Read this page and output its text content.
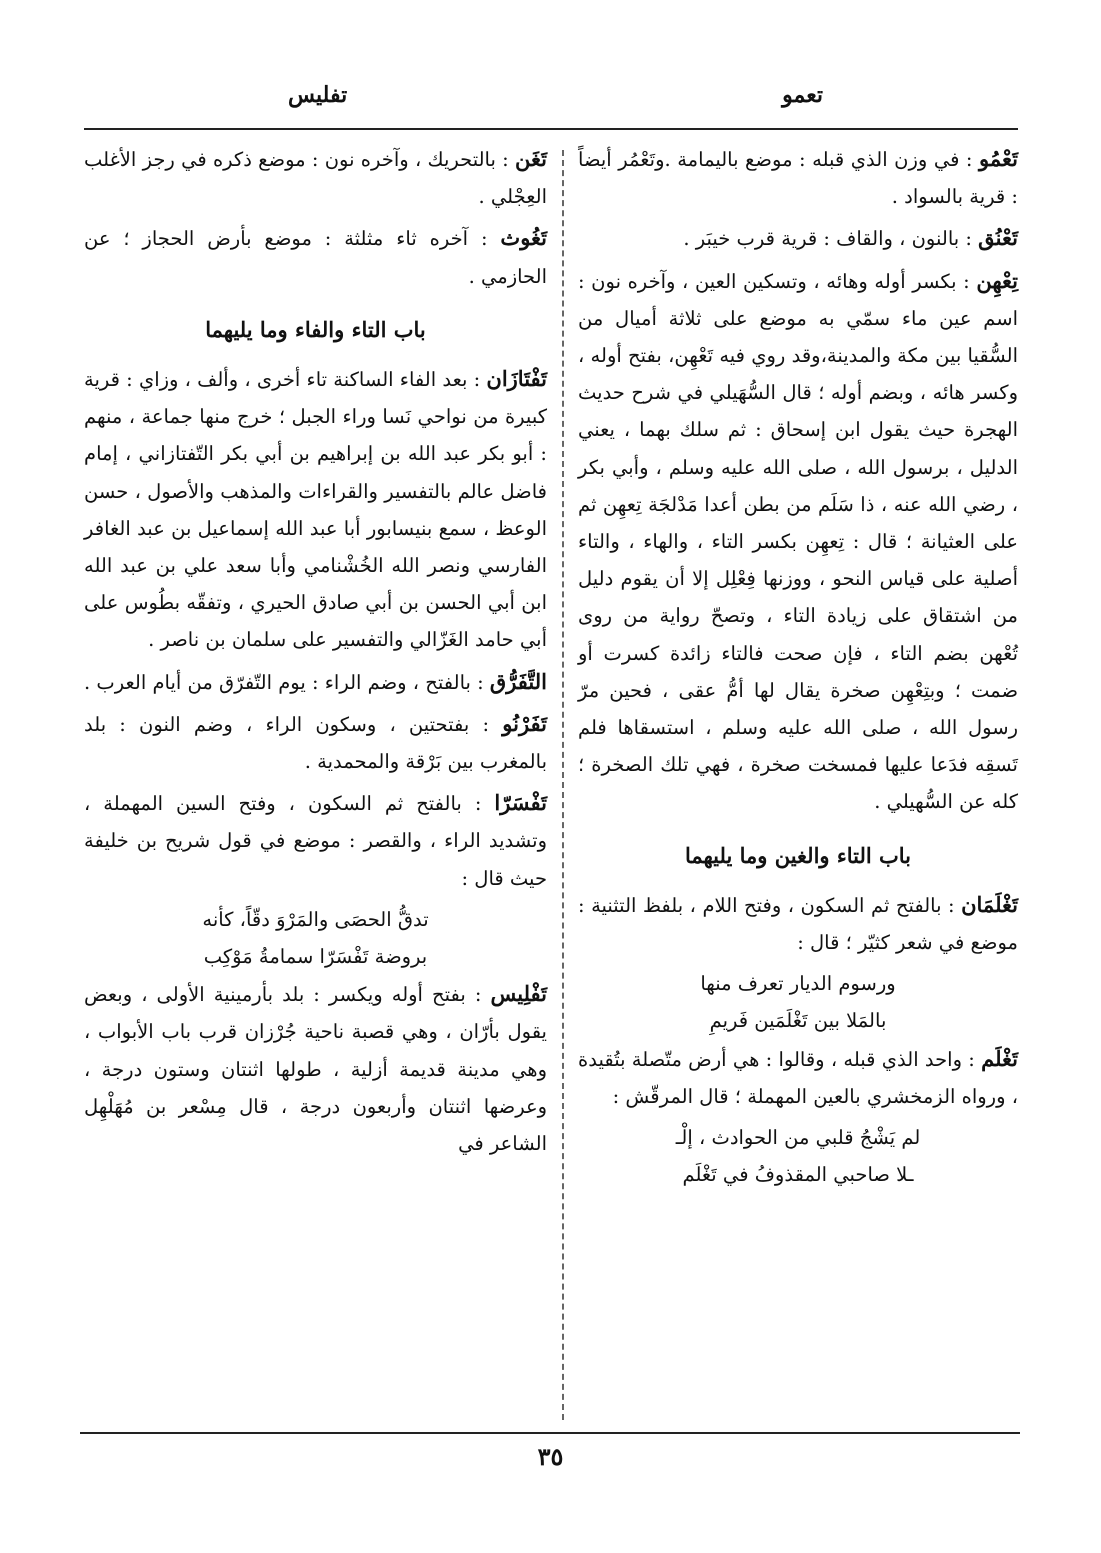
تعمو
تفليس

تَعْمُو : في وزن الذي قبله : موضع باليمامة .وتَعْمُر أيضاً : قرية بالسواد .

تَعْنُق : بالنون ، والقاف : قرية قرب خيبَر .

تِعْهِن : بكسر أوله وهائه ، وتسكين العين ، وآخره نون : اسم عين ماء سمّي به موضع على ثلاثة أميال من السُّقيا بين مكة والمدينة،وقد روي فيه تَعْهِن، بفتح أوله ، وكسر هائه ، وبضم أوله ؛ قال السُّهَيلي في شرح حديث الهجرة حيث يقول ابن إسحاق : ثم سلك بهما ، يعني الدليل ، برسول الله ، صلى الله عليه وسلم ، وأبي بكر ، رضي الله عنه ، ذا سَلَم من بطن أعدا مَدْلجَة تِعهِن ثم على العثيانة ؛ قال : تِعهِن بكسر التاء ، والهاء ، والتاء أصلية على قياس النحو ، ووزنها فِعْلِل إلا أن يقوم دليل من اشتقاق على زيادة التاء ، وتصحّ رواية من روى تُعْهن بضم التاء ، فإن صحت فالتاء زائدة كسرت أو ضمت ؛ وبتِعْهِن صخرة يقال لها أمُّ عقى ، فحين مرّ رسول الله ، صلى الله عليه وسلم ، استسقاها فلم تَسقِه فدَعا عليها فمسخت صخرة ، فهي تلك الصخرة ؛ كله عن السُّهيلي .

باب التاء والغين وما يليهما

تَغْلَمَان : بالفتح ثم السكون ، وفتح اللام ، بلفظ التثنية : موضع في شعر كثيّر ؛ قال :

ورسوم الديار تعرف منها
بالمَلا بين تَغْلَمَين فَريمِ

تَغْلَم : واحد الذي قبله ، وقالوا : هي أرض متّصلة بتُقيدة ، ورواه الزمخشري بالعين المهملة ؛ قال المرقّش :

لم يَشْجُ قلبي من الحوادث ، إلْـ
ـلا صاحبي المقذوفُ في تَغْلَم

تَغَن : بالتحريك ، وآخره نون : موضع ذكره في رجز الأغلب العِجْلي .

تَغُوث : آخره ثاء مثلثة : موضع بأرض الحجاز ؛ عن الحازمي .

باب التاء والفاء وما يليهما

تَفْتَازَان : بعد الفاء الساكنة تاء أخرى ، وألف ، وزاي : قرية كبيرة من نواحي نَسا وراء الجبل ؛ خرج منها جماعة ، منهم : أبو بكر عبد الله بن إبراهيم بن أبي بكر التّفتازاني ، إمام فاضل عالم بالتفسير والقراءات والمذهب والأصول ، حسن الوعظ ، سمع بنيسابور أبا عبد الله إسماعيل بن عبد الغافر الفارسي ونصر الله الخُشْنامي وأبا سعد علي بن عبد الله ابن أبي الحسن بن أبي صادق الحيري ، وتفقّه بطُوس على أبي حامد الغَزّالي والتفسير على سلمان بن ناصر .

التَّفَرُّق : بالفتح ، وضم الراء : يوم التّفرّق من أيام العرب .

تَفَرْنُو : بفتحتين ، وسكون الراء ، وضم النون : بلد بالمغرب بين بَرْقة والمحمدية .

تَفْسَرّا : بالفتح ثم السكون ، وفتح السين المهملة ، وتشديد الراء ، والقصر : موضع في قول شريح بن خليفة حيث قال :

تدقُّ الحصَى والمَرْوَ دقّاً، كأنه
بروضة تَفْسَرّا سمامةُ مَوْكِب

تَفْلِيس : بفتح أوله ويكسر : بلد بأرمينية الأولى ، وبعض يقول بأرّان ، وهي قصبة ناحية جُرْزان قرب باب الأبواب ، وهي مدينة قديمة أزلية ، طولها اثنتان وستون درجة ، وعرضها اثنتان وأربعون درجة ، قال مِسْعر بن مُهَلْهِل الشاعر في

٣٥
